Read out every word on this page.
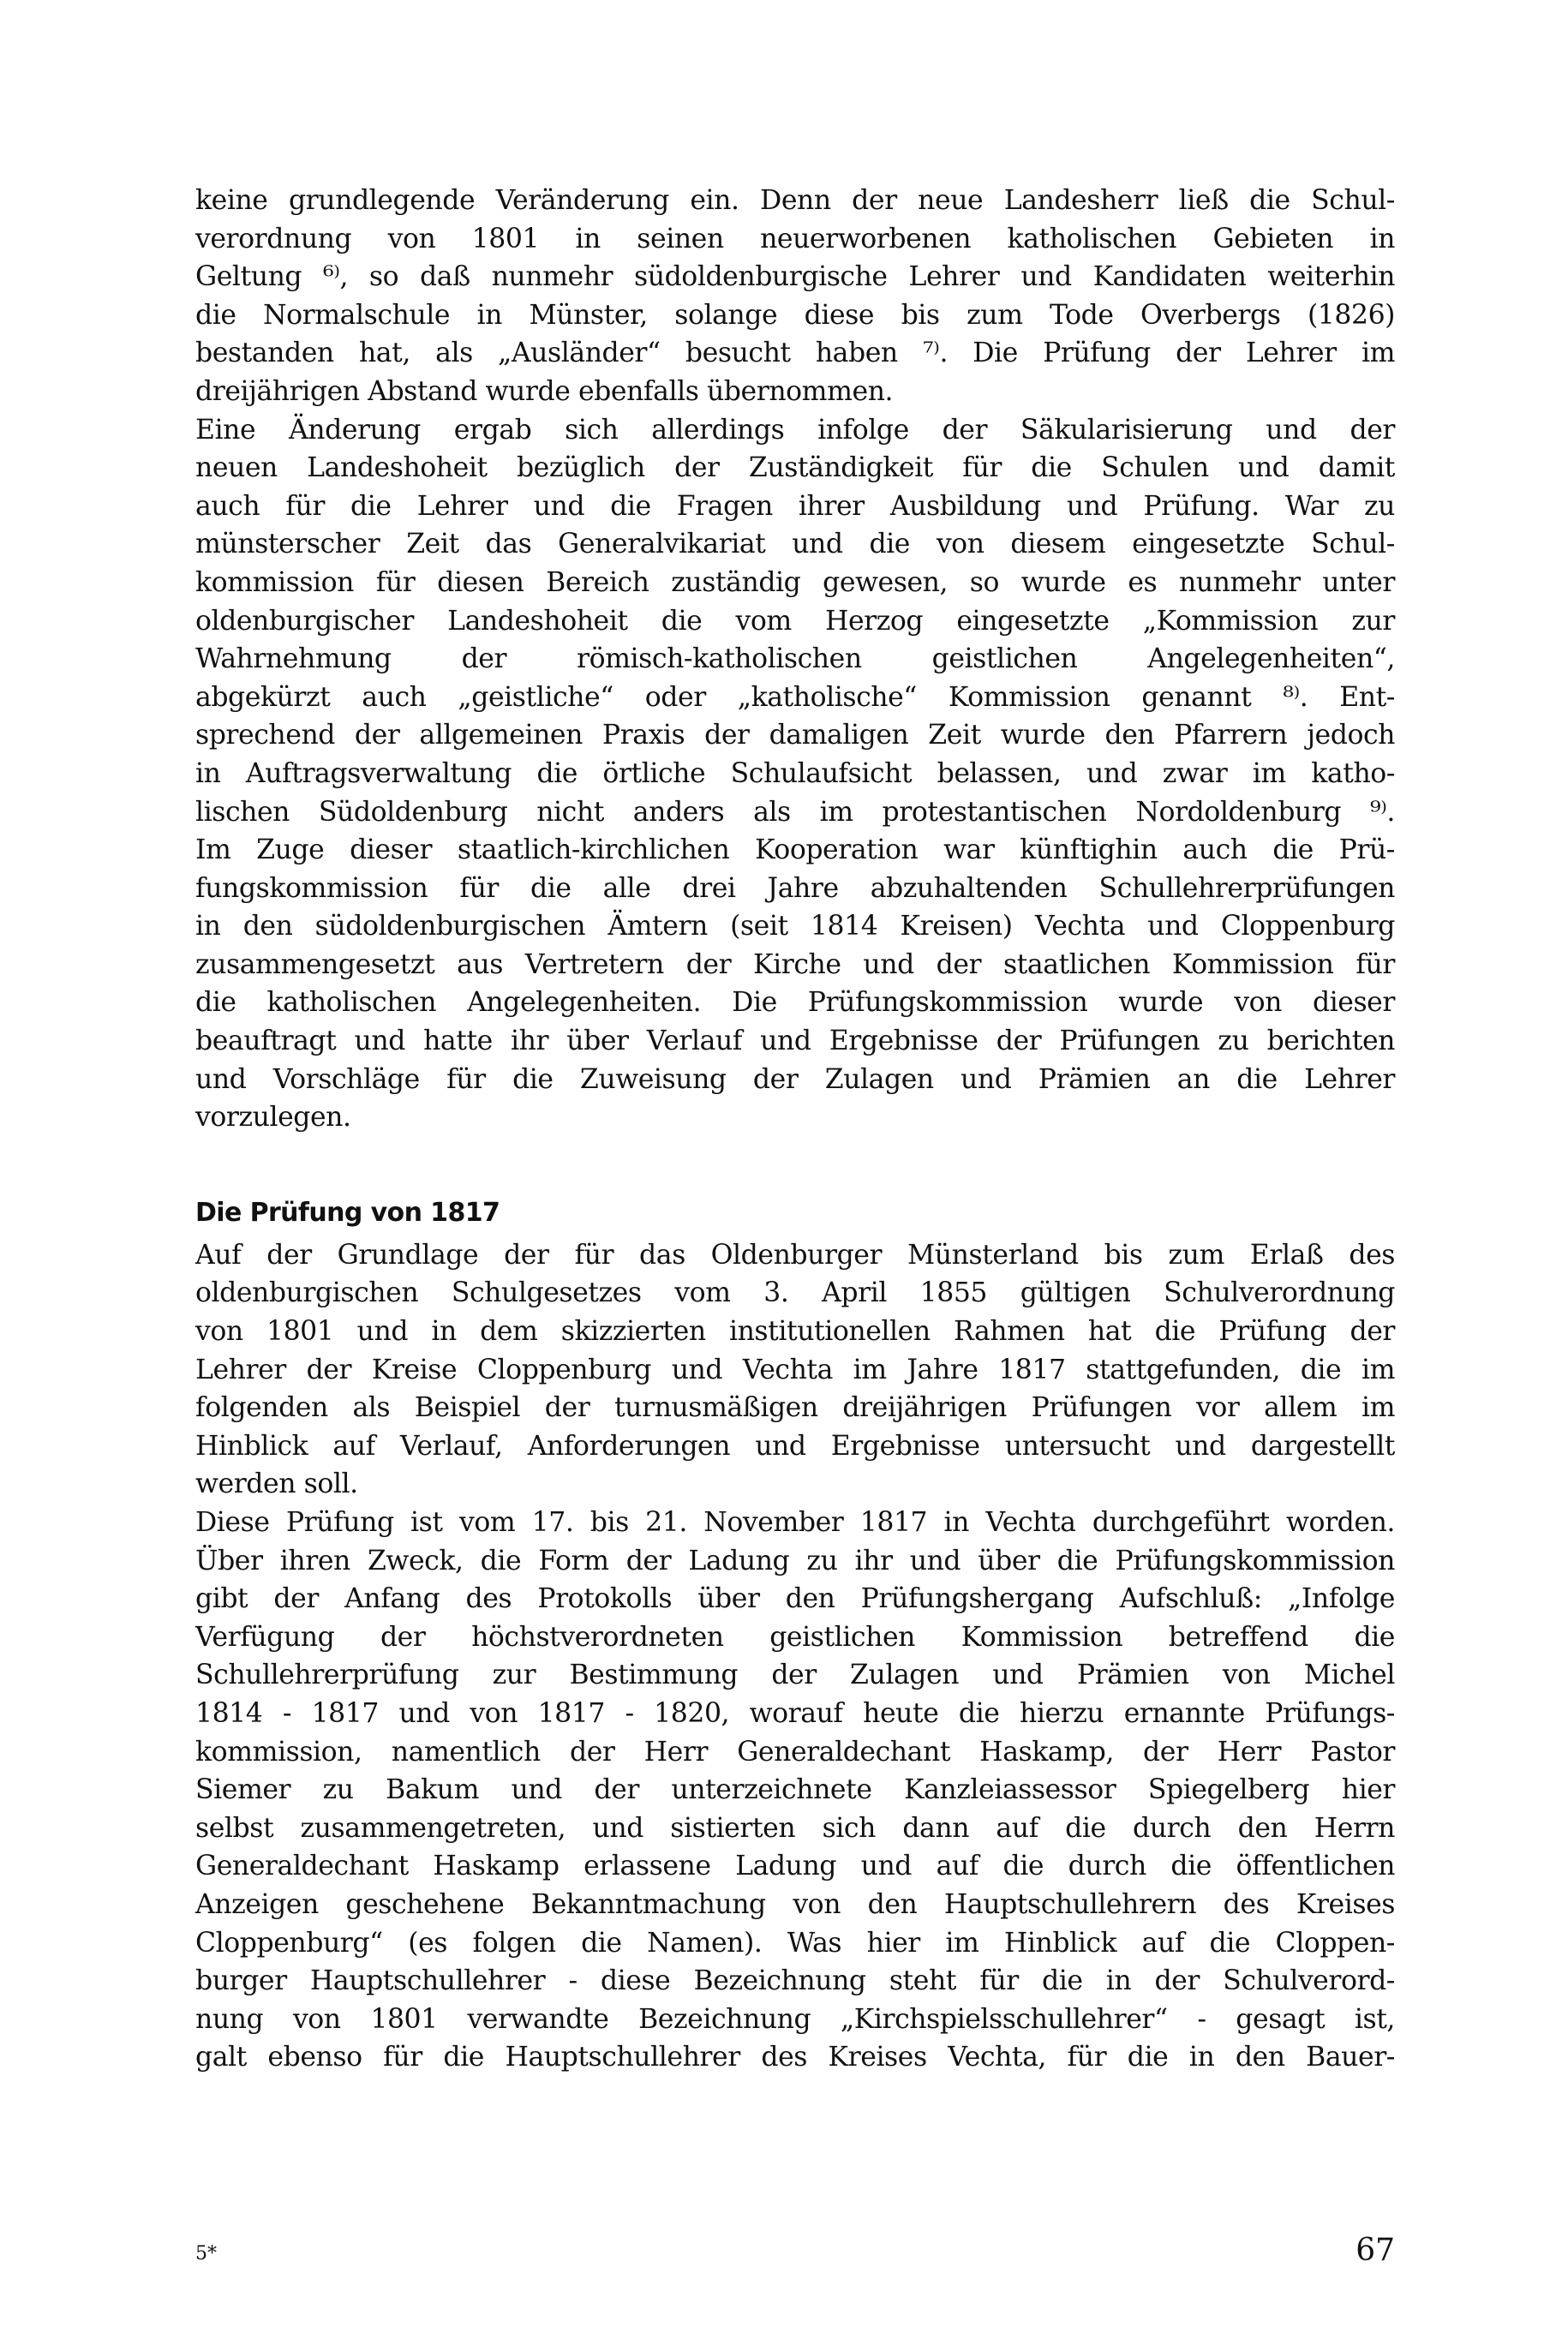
keine grundlegende Veränderung ein. Denn der neue Landesherr ließ die Schul-
verordnung von 1801 in seinen neuerworbenen katholischen Gebieten in
Geltung ⁶⁾, so daß nunmehr südoldenburgische Lehrer und Kandidaten weiterhin
die Normalschule in Münster, solange diese bis zum Tode Overbergs (1826)
bestanden hat, als „Ausländer“ besucht haben ⁷⁾. Die Prüfung der Lehrer im
dreijährigen Abstand wurde ebenfalls übernommen.
Eine Änderung ergab sich allerdings infolge der Säkularisierung und der
neuen Landeshoheit bezüglich der Zuständigkeit für die Schulen und damit
auch für die Lehrer und die Fragen ihrer Ausbildung und Prüfung. War zu
münsterscher Zeit das Generalvikariat und die von diesem eingesetzte Schul-
kommission für diesen Bereich zuständig gewesen, so wurde es nunmehr unter
oldenburgischer Landeshoheit die vom Herzog eingesetzte „Kommission zur
Wahrnehmung der römisch-katholischen geistlichen Angelegenheiten“,
abgekürzt auch „geistliche“ oder „katholische“ Kommission genannt ⁸⁾. Ent-
sprechend der allgemeinen Praxis der damaligen Zeit wurde den Pfarrern jedoch
in Auftragsverwaltung die örtliche Schulaufsicht belassen, und zwar im katho-
lischen Südoldenburg nicht anders als im protestantischen Nordoldenburg ⁹⁾.
Im Zuge dieser staatlich-kirchlichen Kooperation war künftighin auch die Prü-
fungskommission für die alle drei Jahre abzuhaltenden Schullehrerprüfungen
in den südoldenburgischen Ämtern (seit 1814 Kreisen) Vechta und Cloppenburg
zusammengesetzt aus Vertretern der Kirche und der staatlichen Kommission für
die katholischen Angelegenheiten. Die Prüfungskommission wurde von dieser
beauftragt und hatte ihr über Verlauf und Ergebnisse der Prüfungen zu berichten
und Vorschläge für die Zuweisung der Zulagen und Prämien an die Lehrer
vorzulegen.
Die Prüfung von 1817
Auf der Grundlage der für das Oldenburger Münsterland bis zum Erlaß des
oldenburgischen Schulgesetzes vom 3. April 1855 gültigen Schulverordnung
von 1801 und in dem skizzierten institutionellen Rahmen hat die Prüfung der
Lehrer der Kreise Cloppenburg und Vechta im Jahre 1817 stattgefunden, die im
folgenden als Beispiel der turnusmäßigen dreijährigen Prüfungen vor allem im
Hinblick auf Verlauf, Anforderungen und Ergebnisse untersucht und dargestellt
werden soll.
Diese Prüfung ist vom 17. bis 21. November 1817 in Vechta durchgeführt worden.
Über ihren Zweck, die Form der Ladung zu ihr und über die Prüfungskommission
gibt der Anfang des Protokolls über den Prüfungshergang Aufschluß: „Infolge
Verfügung der höchstverordneten geistlichen Kommission betreffend die
Schullehrerprüfung zur Bestimmung der Zulagen und Prämien von Michel
1814 - 1817 und von 1817 - 1820, worauf heute die hierzu ernannte Prüfungs-
kommission, namentlich der Herr Generaldechant Haskamp, der Herr Pastor
Siemer zu Bakum und der unterzeichnete Kanzleiassessor Spiegelberg hier
selbst zusammengetreten, und sistierten sich dann auf die durch den Herrn
Generaldechant Haskamp erlassene Ladung und auf die durch die öffentlichen
Anzeigen geschehene Bekanntmachung von den Hauptschullehrern des Kreises
Cloppenburg“ (es folgen die Namen). Was hier im Hinblick auf die Cloppen-
burger Hauptschullehrer - diese Bezeichnung steht für die in der Schulverord-
nung von 1801 verwandte Bezeichnung „Kirchspielsschullehrer“ - gesagt ist,
galt ebenso für die Hauptschullehrer des Kreises Vechta, für die in den Bauer-
5*	67
